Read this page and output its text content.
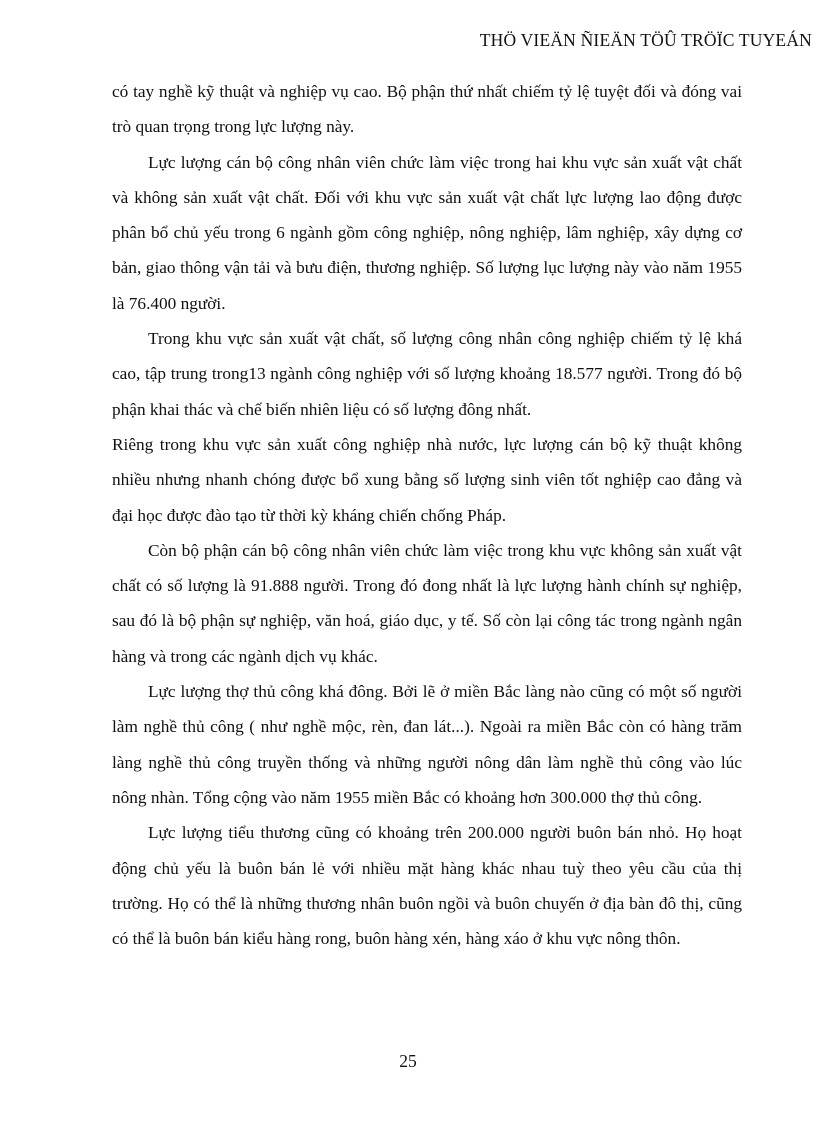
THÖ VIEÄN ÑIEÄN TÖÛ TRÖÏC TUYEÁN

có tay nghề kỹ thuật và nghiệp vụ cao. Bộ phận thứ nhất chiếm tỷ lệ tuyệt đối và đóng vai trò quan trọng trong lực lượng này.

Lực lượng cán bộ công nhân viên chức làm việc trong hai khu vực sản xuất vật chất và không sản xuất vật chất. Đối với khu vực sản xuất vật chất lực lượng lao động được phân bổ chủ yếu trong 6 ngành gồm công nghiệp, nông nghiệp, lâm nghiệp, xây dựng cơ bản, giao thông vận tải và bưu điện, thương nghiệp. Số lượng lục lượng này vào năm 1955 là 76.400 người.

Trong khu vực sản xuất vật chất, số lượng công nhân công nghiệp chiếm tỷ lệ khá cao, tập trung trong13 ngành công nghiệp với số lượng khoảng 18.577 người. Trong đó bộ phận khai thác và chế biến nhiên liệu có số lượng đông nhất.

Riêng trong khu vực sản xuất công nghiệp nhà nước, lực lượng cán bộ kỹ thuật không nhiều nhưng nhanh chóng được bổ xung bằng số lượng sinh viên tốt nghiệp cao đẳng và đại học được đào tạo từ thời kỳ kháng chiến chống Pháp.

Còn bộ phận cán bộ công nhân viên chức làm việc trong khu vực không sản xuất vật chất có số lượng là 91.888 người. Trong đó đong nhất là lực lượng hành chính sự nghiệp, sau đó là bộ phận sự nghiệp, văn hoá, giáo dục, y tế. Số còn lại công tác trong ngành ngân hàng và trong các ngành dịch vụ khác.

Lực lượng thợ thủ công khá đông. Bởi lẽ ở miền Bắc làng nào cũng có một số người làm nghề thủ công ( như nghề mộc, rèn, đan lát...). Ngoài ra miền Bắc còn có hàng trăm làng nghề thủ công truyền thống và những người nông dân làm nghề thủ công vào lúc nông nhàn. Tổng cộng vào năm 1955 miền Bắc có khoảng hơn 300.000 thợ thủ công.

Lực lượng tiểu thương cũng có khoảng trên 200.000 người buôn bán nhỏ. Họ hoạt động chủ yếu là buôn bán lẻ với nhiều mặt hàng khác nhau tuỳ theo yêu cầu của thị trường. Họ có thể là những thương nhân buôn ngồi và buôn chuyến ở địa bàn đô thị, cũng có thể là buôn bán kiểu hàng rong, buôn hàng xén, hàng xáo ở khu vực nông thôn.

25
